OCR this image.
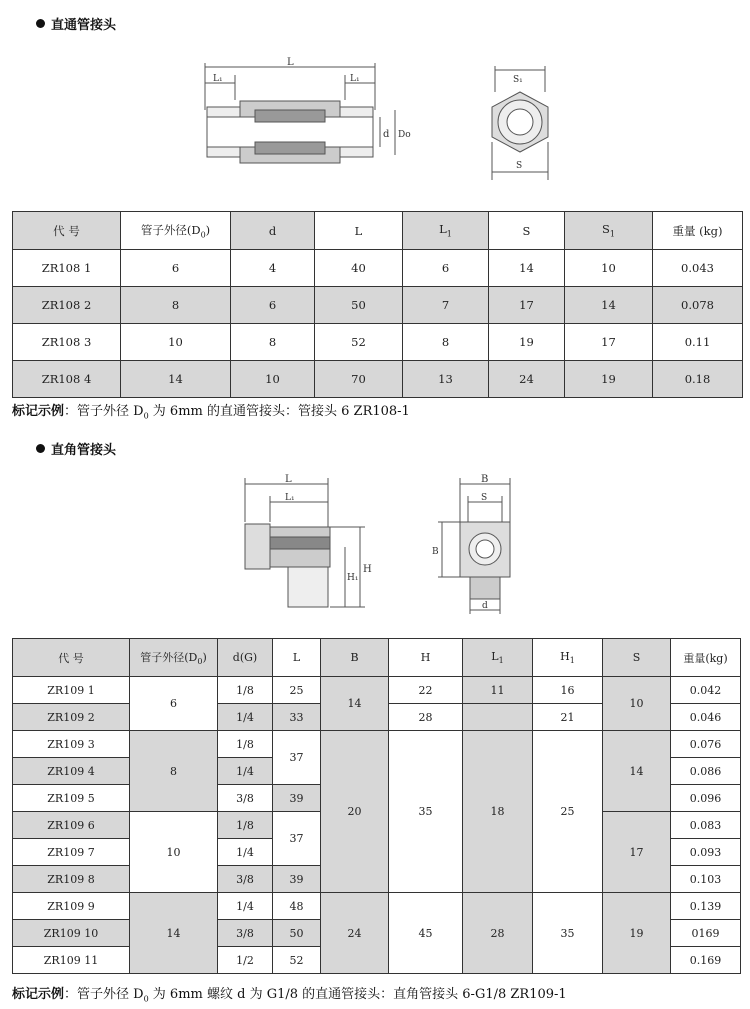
直通管接头
L
L₁	L₁
d Do
S₁
S
代 号	管子外径$(D_0)$	d	L	$L_1$	S	$S_1$	重量 (kg)
ZR108 1	6	4	40	6	14	10	0.043
ZR108 2	8	6	50	7	17	14	0.078
ZR108 3	10	8	52	8	19	17	0.11
ZR108 4	14	10	70	13	24	19	0.18
标记示例：管子外径 $D_0$ 为 6mm 的直通管接头：管接头 6 ZR108-1
直角管接头
L
L₁
H
H₁
B
S
B
d
代 号	管子外径$(D_0)$	d(G)	L	B	H	$L_1$	$H_1$	S	重量(kg)
ZR109 1	6	1/8	25	14	22	11	16	10	0.042
ZR109 2		1/4	33		28		21		0.046
ZR109 3	8	1/8	37	20	35	18	25	14	0.076
ZR109 4		1/4							0.086
ZR109 5		3/8	39						0.096
ZR109 6	10	1/8	37					17	0.083
ZR109 7		1/4							0.093
ZR109 8		3/8	39						0.103
ZR109 9	14	1/4	48	24	45	28	35	19	0.139
ZR109 10		3/8	50						0169
ZR109 11		1/2	52						0.169
标记示例：管子外径 $D_0$ 为 6mm 螺纹 d 为 G1/8 的直通管接头：直角管接头 6-G1/8 ZR109-1
